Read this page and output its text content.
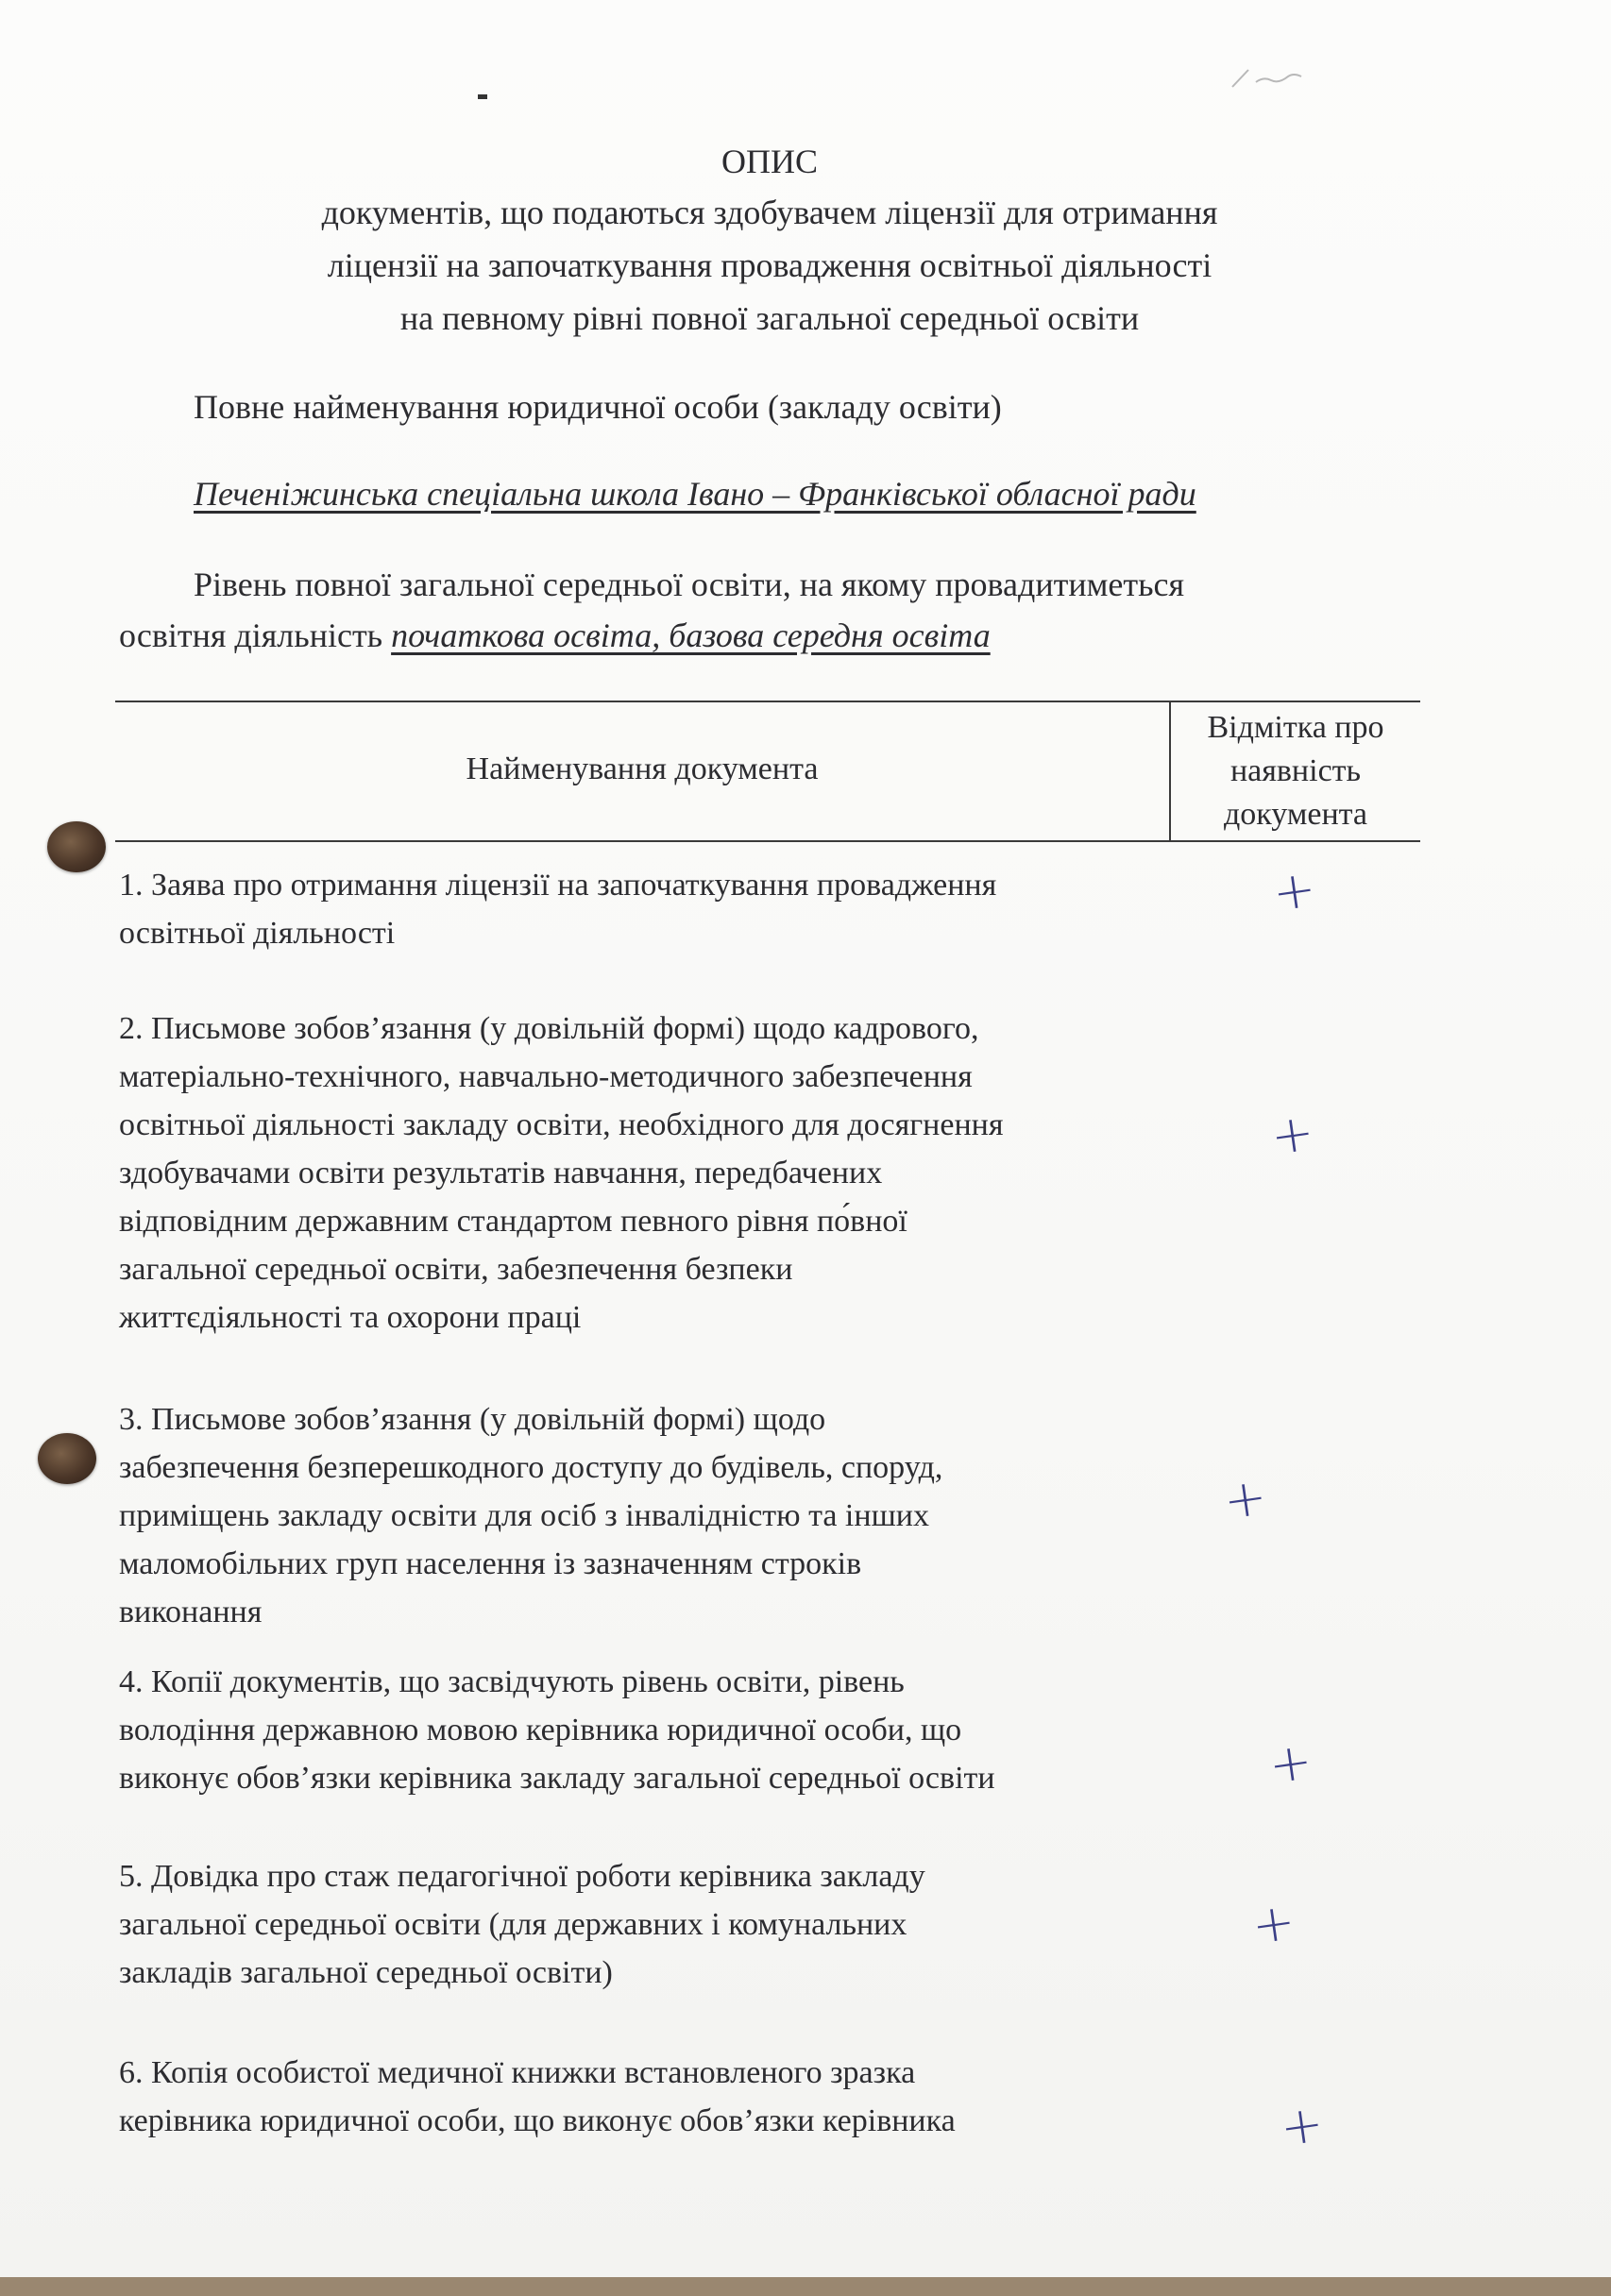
ОПИС
документів, що подаються здобувачем ліцензії для отримання
ліцензії на започаткування провадження освітньої діяльності
на певному рівні повної загальної середньої освіти
Повне найменування юридичної особи (закладу освіти)
Печеніжинська спеціальна школа Івано – Франківської обласної ради
Рівень повної загальної середньої освіти, на якому провадитиметься
освітня діяльність початкова освіта, базова середня освіта
Найменування документа
Відмітка про
наявність
документа
1. Заява про отримання ліцензії на започаткування провадження
освітньої діяльності
+
2. Письмове зобов’язання (у довільній формі) щодо кадрового,
матеріально-технічного, навчально-методичного забезпечення
освітньої діяльності закладу освіти, необхідного для досягнення
здобувачами освіти результатів навчання, передбачених
відповідним державним стандартом певного рівня по́вної
загальної середньої освіти, забезпечення безпеки
життєдіяльності та охорони праці
+
3. Письмове зобов’язання (у довільній формі) щодо
забезпечення безперешкодного доступу до будівель, споруд,
приміщень закладу освіти для осіб з інвалідністю та інших
маломобільних груп населення із зазначенням строків
виконання
+
4. Копії документів, що засвідчують рівень освіти, рівень
володіння державною мовою керівника юридичної особи, що
виконує обов’язки керівника закладу загальної середньої освіти	+
5. Довідка про стаж педагогічної роботи керівника закладу
загальної середньої освіти (для державних і комунальних
закладів загальної середньої освіти)
+
6. Копія особистої медичної книжки встановленого зразка
керівника юридичної особи, що виконує обов’язки керівника	+
